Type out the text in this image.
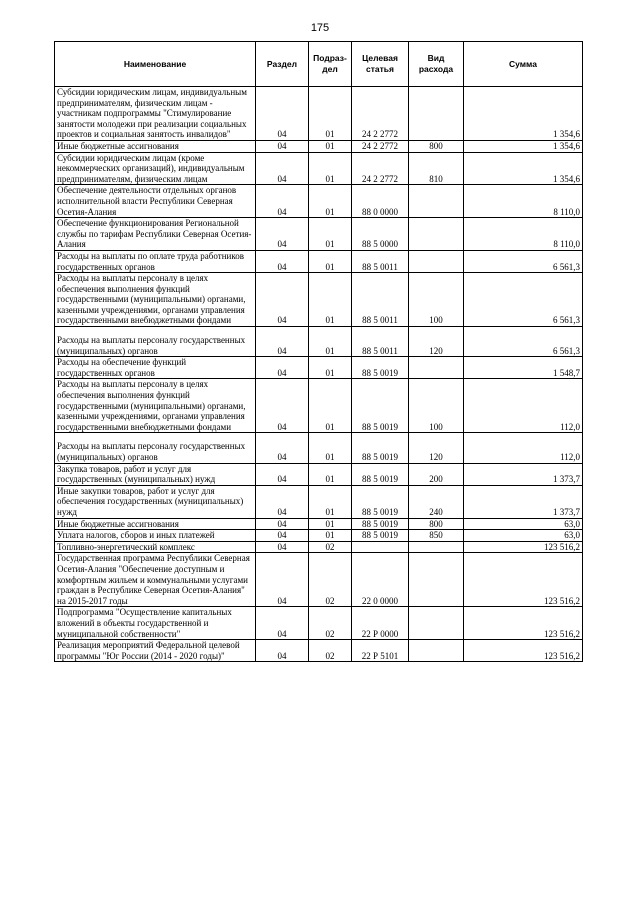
175
Наименование	Раздел	Подраз-дел	Целевая статья	Вид расхода	Сумма
Субсидии юридическим лицам, индивидуальным предпринимателям, физическим лицам - участникам подпрограммы "Стимулирование занятости молодежи при реализации социальных проектов и социальная занятость инвалидов"	04	01	24 2 2772		1 354,6
Иные бюджетные ассигнования	04	01	24 2 2772	800	1 354,6
Субсидии юридическим лицам (кроме некоммерческих организаций), индивидуальным предпринимателям, физическим лицам	04	01	24 2 2772	810	1 354,6
Обеспечение деятельности отдельных органов исполнительной власти Республики Северная Осетия-Алания	04	01	88 0 0000		8 110,0
Обеспечение функционирования Региональной службы по тарифам Республики Северная Осетия-Алания	04	01	88 5 0000		8 110,0
Расходы на выплаты по оплате труда работников государственных органов	04	01	88 5 0011		6 561,3
Расходы на выплаты персоналу в целях обеспечения выполнения функций государственными (муниципальными) органами, казенными учреждениями, органами управления государственными внебюджетными фондами	04	01	88 5 0011	100	6 561,3
Расходы на выплаты персоналу государственных (муниципальных) органов	04	01	88 5 0011	120	6 561,3
Расходы на обеспечение функций государственных органов	04	01	88 5 0019		1 548,7
Расходы на выплаты персоналу в целях обеспечения выполнения функций государственными (муниципальными) органами, казенными учреждениями, органами управления государственными внебюджетными фондами	04	01	88 5 0019	100	112,0
Расходы на выплаты персоналу государственных (муниципальных) органов	04	01	88 5 0019	120	112,0
Закупка товаров, работ и услуг для государственных (муниципальных) нужд	04	01	88 5 0019	200	1 373,7
Иные закупки товаров, работ и услуг для обеспечения государственных (муниципальных) нужд	04	01	88 5 0019	240	1 373,7
Иные бюджетные ассигнования	04	01	88 5 0019	800	63,0
Уплата налогов, сборов и иных платежей	04	01	88 5 0019	850	63,0
Топливно-энергетический комплекс	04	02			123 516,2
Государственная программа Республики Северная Осетия-Алания "Обеспечение доступным и комфортным жильем и коммунальными услугами граждан в Республике Северная Осетия-Алания" на 2015-2017 годы	04	02	22 0 0000		123 516,2
Подпрограмма "Осуществление капитальных вложений в объекты государственной и муниципальной собственности"	04	02	22 Р 0000		123 516,2
Реализация мероприятий Федеральной целевой программы "Юг России (2014 - 2020 годы)"	04	02	22 Р 5101		123 516,2
